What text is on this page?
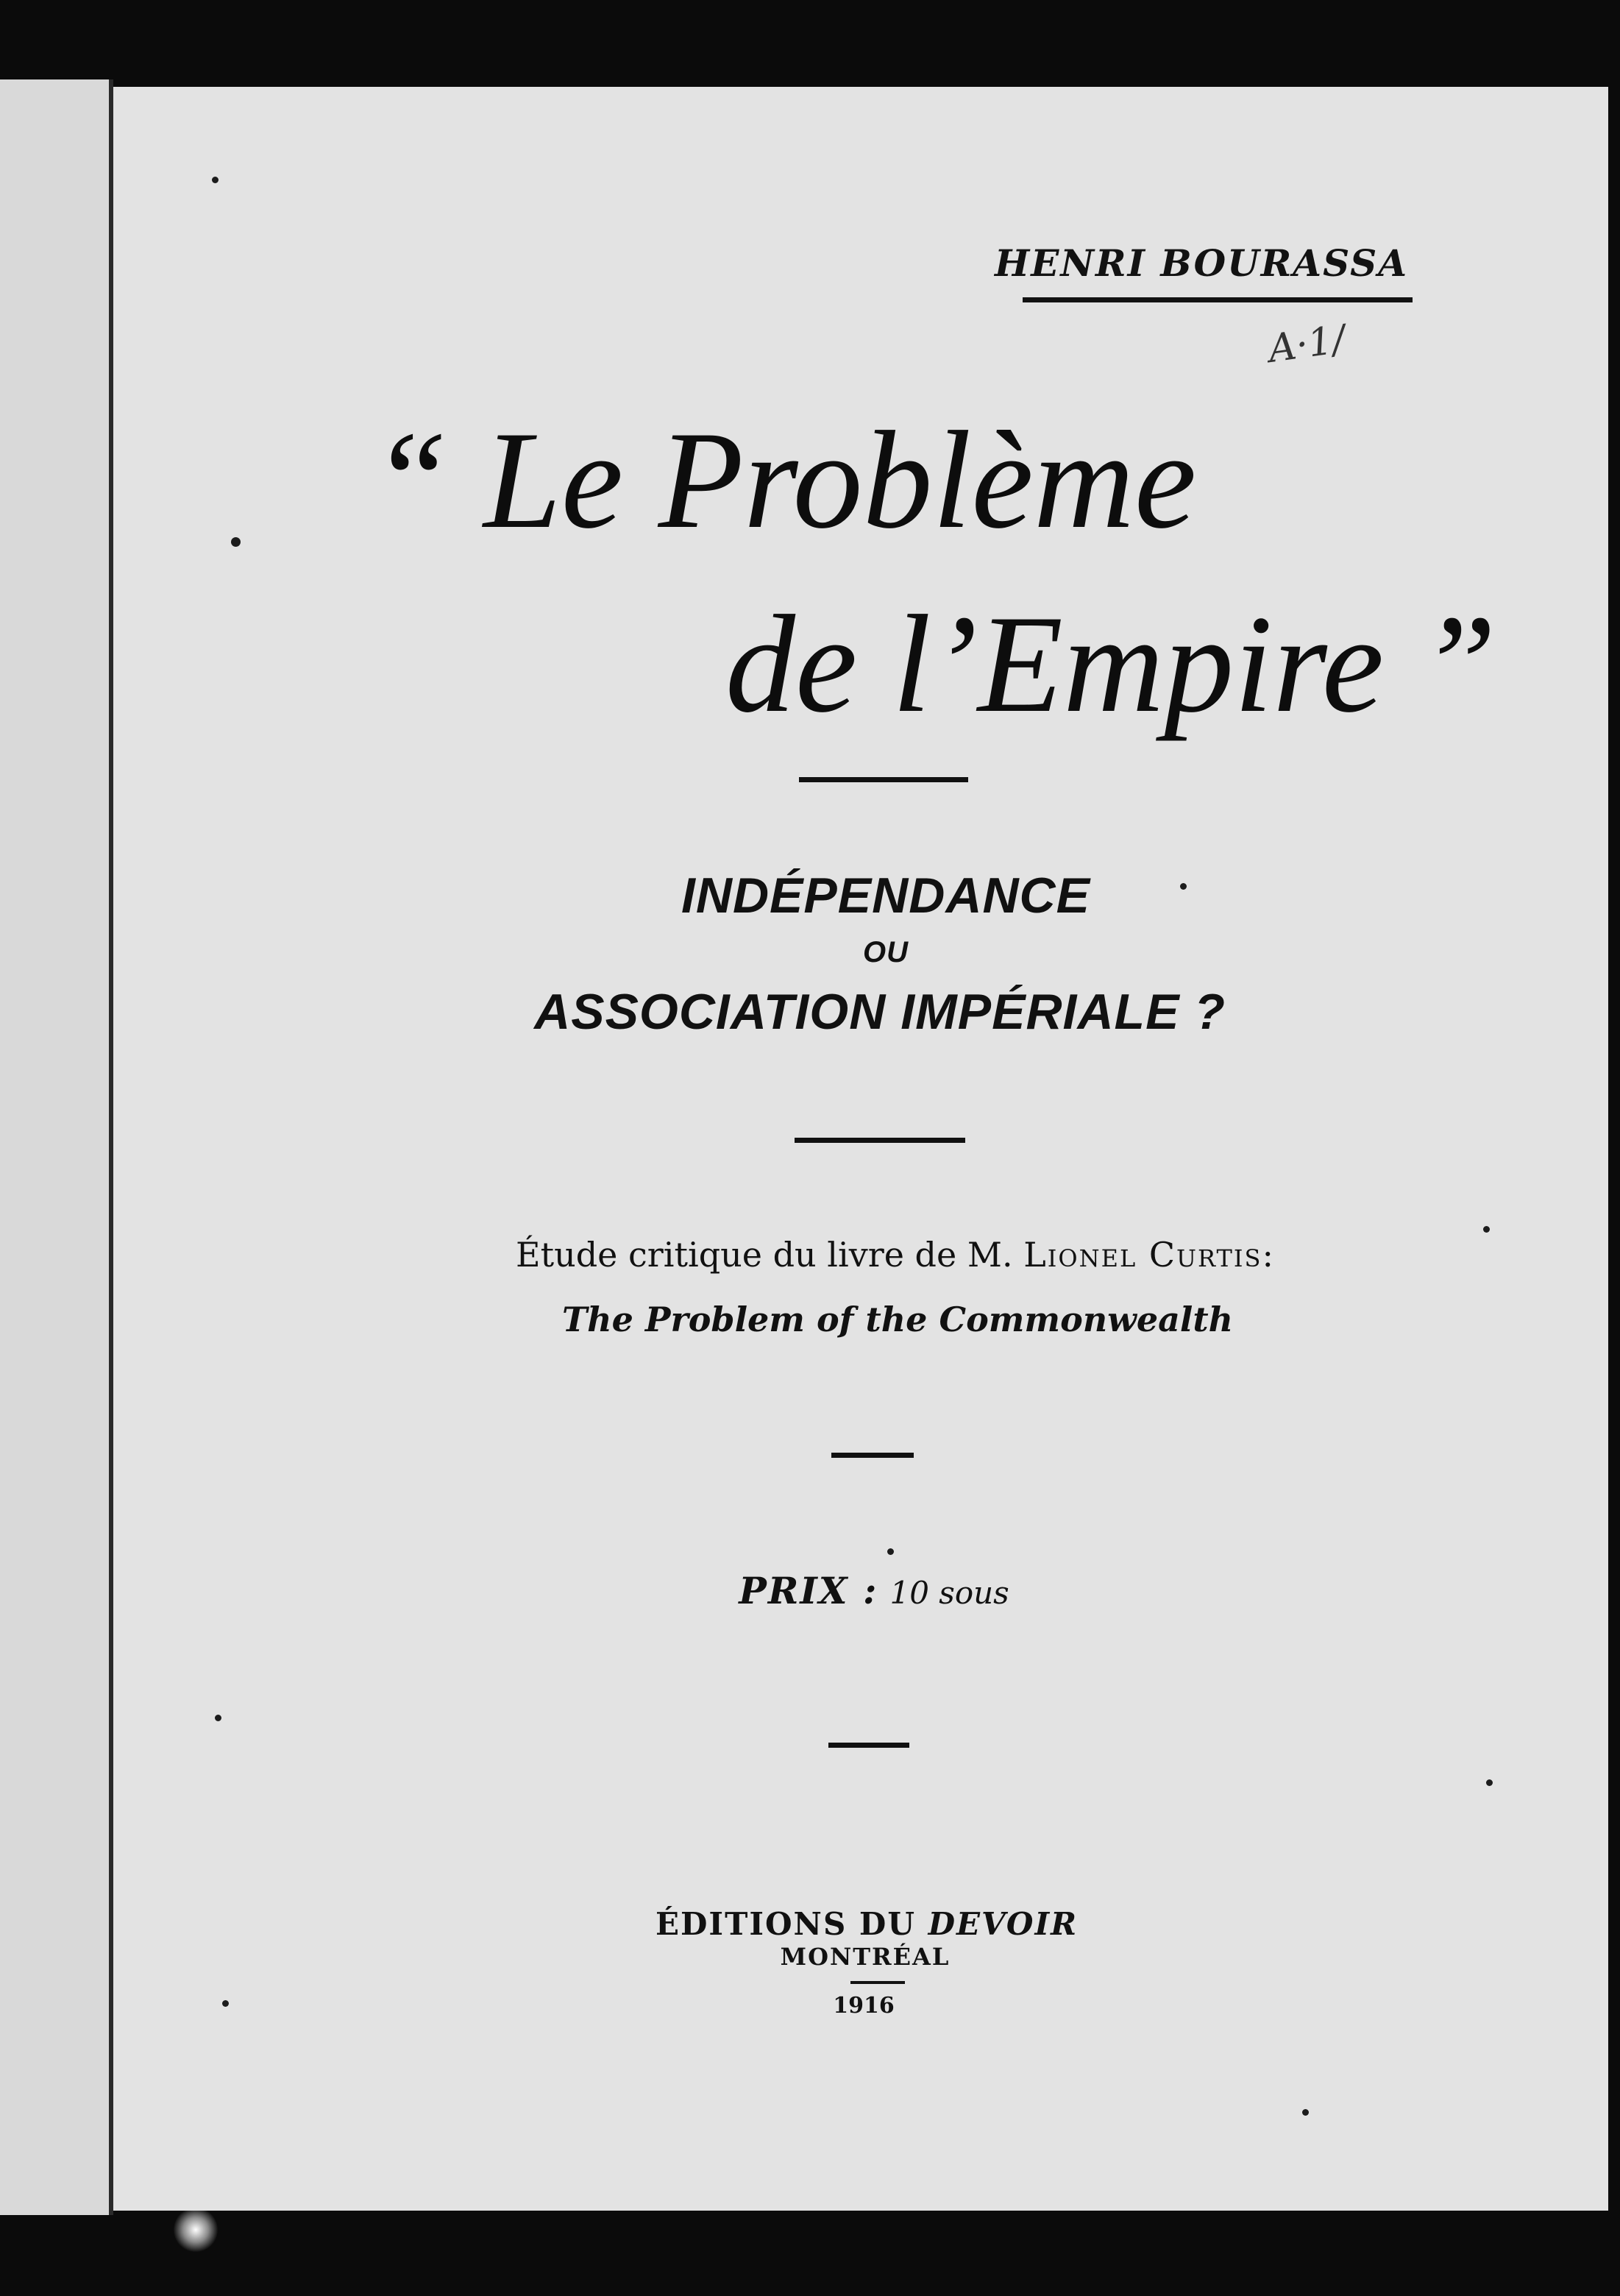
HENRI BOURASSA
A·1/
“ Le Problème
de l’Empire ”
INDÉPENDANCE
OU
ASSOCIATION IMPÉRIALE ?
Étude critique du livre de M. Lionel Curtis:
The Problem of the Commonwealth
PRIX : 10 sous
ÉDITIONS DU DEVOIR
MONTRÉAL
1916
